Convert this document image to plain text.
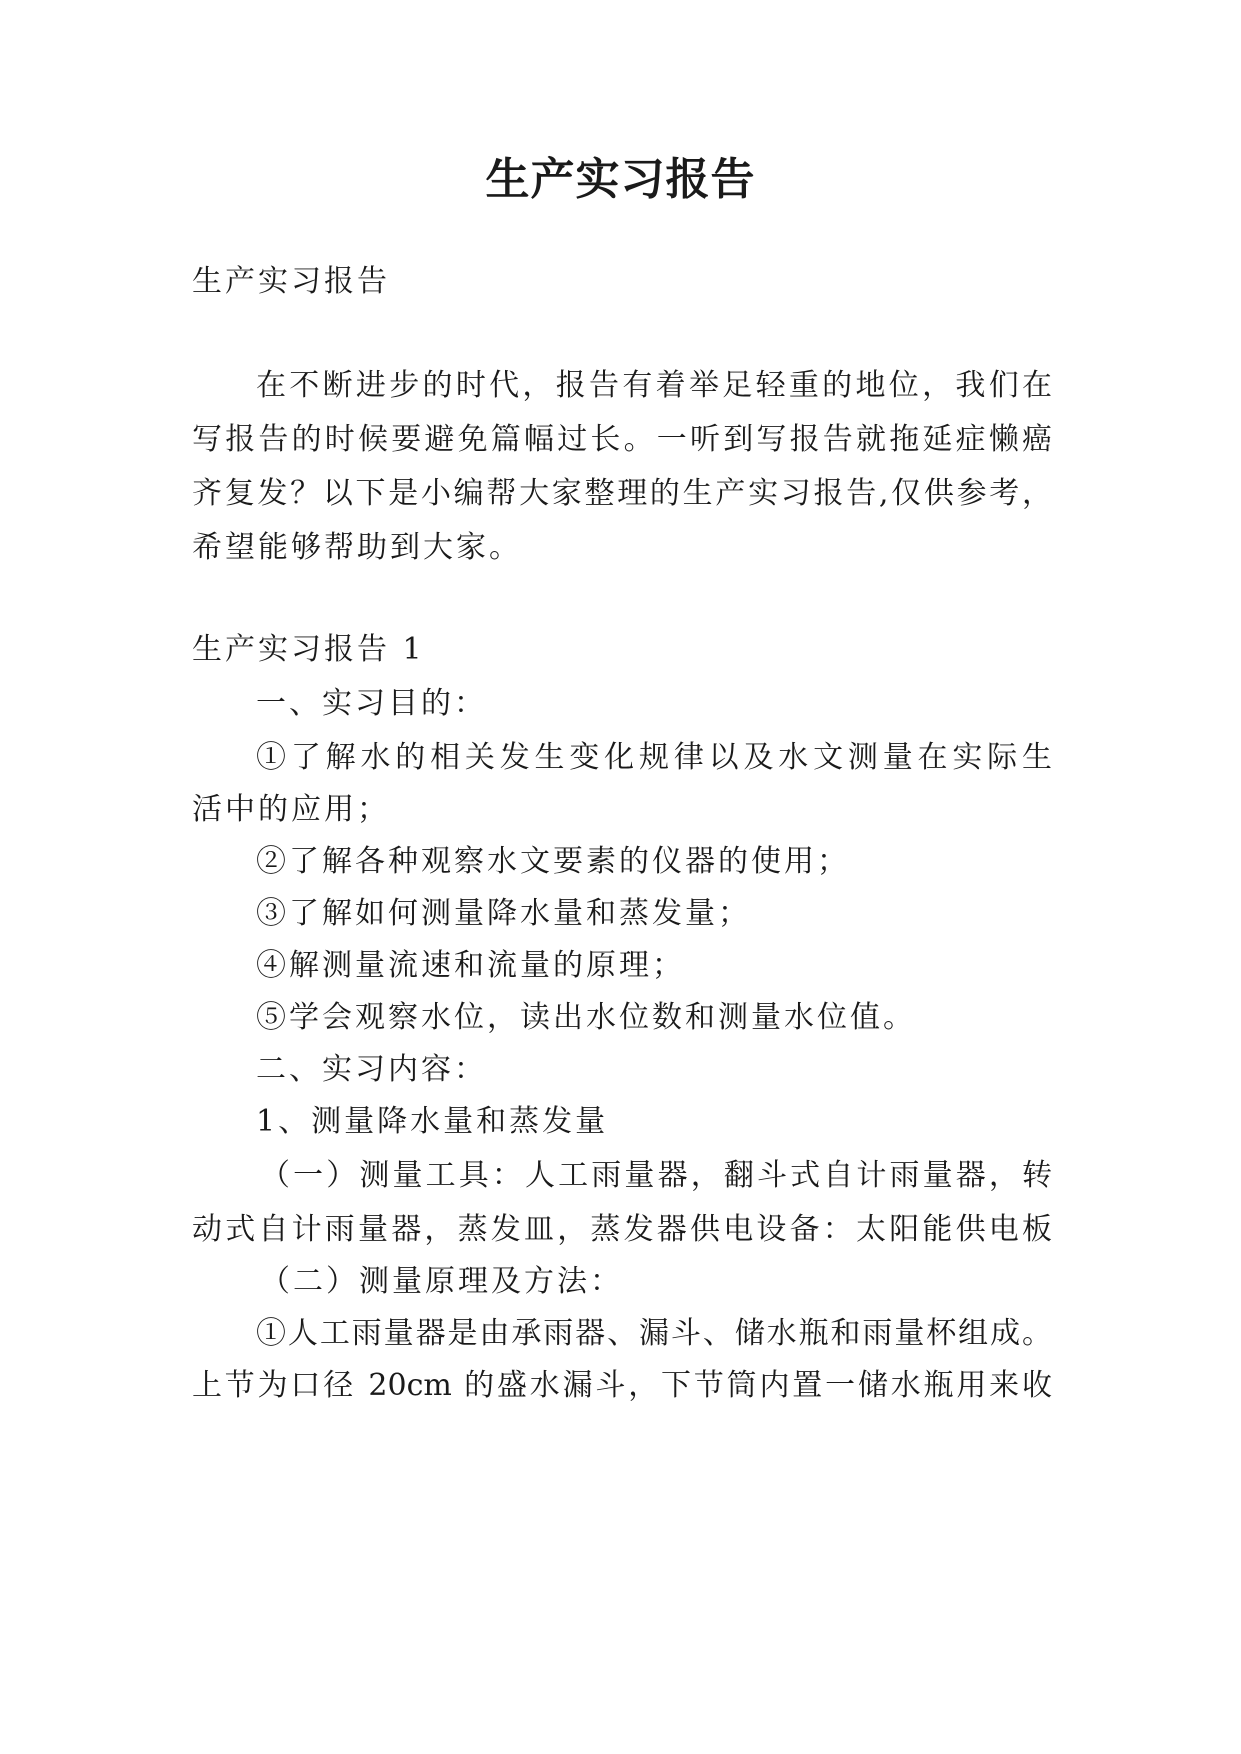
生产实习报告
生产实习报告
在不断进步的时代，报告有着举足轻重的地位，我们在
写报告的时候要避免篇幅过长。一听到写报告就拖延症懒癌
齐复发？以下是小编帮大家整理的生产实习报告,仅供参考，
希望能够帮助到大家。
生产实习报告 1
一、实习目的：
①了解水的相关发生变化规律以及水文测量在实际生
活中的应用；
②了解各种观察水文要素的仪器的使用；
③了解如何测量降水量和蒸发量；
④解测量流速和流量的原理；
⑤学会观察水位，读出水位数和测量水位值。
二、实习内容：
1、测量降水量和蒸发量
（一）测量工具：人工雨量器，翻斗式自计雨量器，转
动式自计雨量器，蒸发皿，蒸发器供电设备：太阳能供电板
（二）测量原理及方法：
①人工雨量器是由承雨器、漏斗、储水瓶和雨量杯组成。
上节为口径 20cm 的盛水漏斗，下节筒内置一储水瓶用来收
